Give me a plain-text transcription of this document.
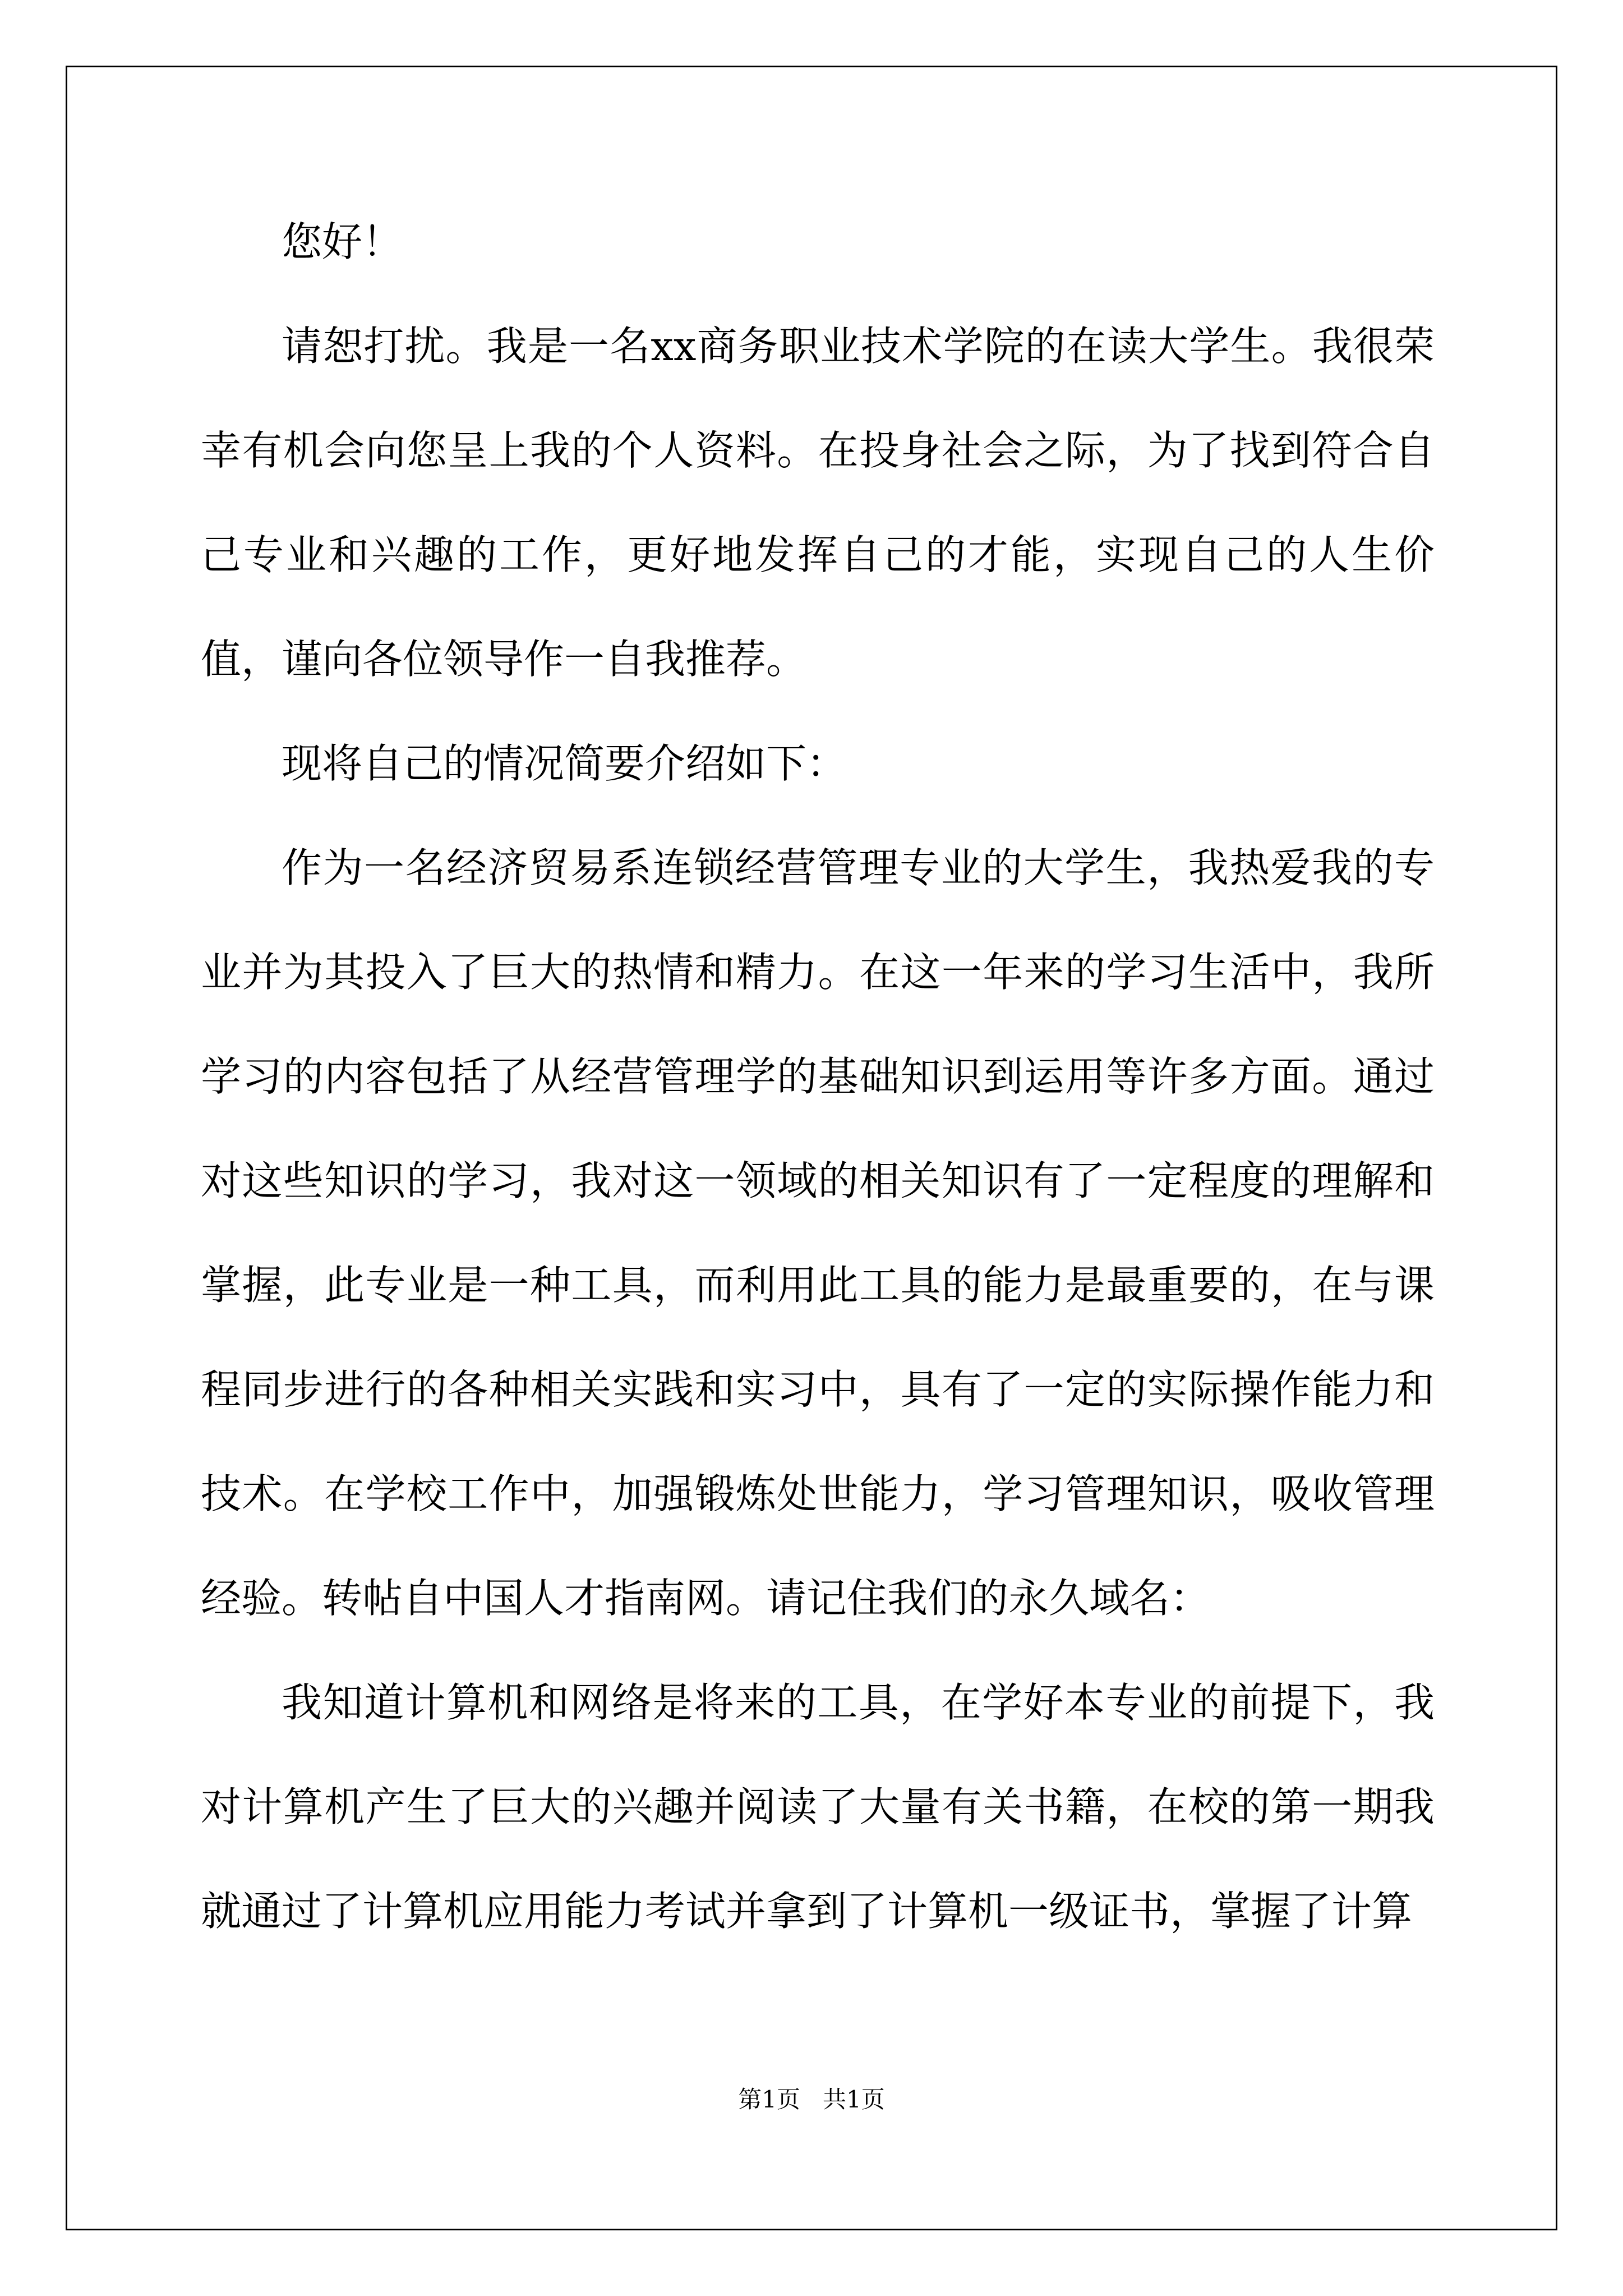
您好！

请恕打扰。我是一名xx商务职业技术学院的在读大学生。我很荣幸有机会向您呈上我的个人资料。在投身社会之际，为了找到符合自己专业和兴趣的工作，更好地发挥自己的才能，实现自己的人生价值，谨向各位领导作一自我推荐。

现将自己的情况简要介绍如下：

作为一名经济贸易系连锁经营管理专业的大学生，我热爱我的专业并为其投入了巨大的热情和精力。在这一年来的学习生活中，我所学习的内容包括了从经营管理学的基础知识到运用等许多方面。通过对这些知识的学习，我对这一领域的相关知识有了一定程度的理解和掌握，此专业是一种工具，而利用此工具的能力是最重要的，在与课程同步进行的各种相关实践和实习中，具有了一定的实际操作能力和技术。在学校工作中，加强锻炼处世能力，学习管理知识，吸收管理经验。转帖自中国人才指南网。请记住我们的永久域名：

我知道计算机和网络是将来的工具，在学好本专业的前提下，我对计算机产生了巨大的兴趣并阅读了大量有关书籍，在校的第一期我就通过了计算机应用能力考试并拿到了计算机一级证书，掌握了计算

第1页 共1页
